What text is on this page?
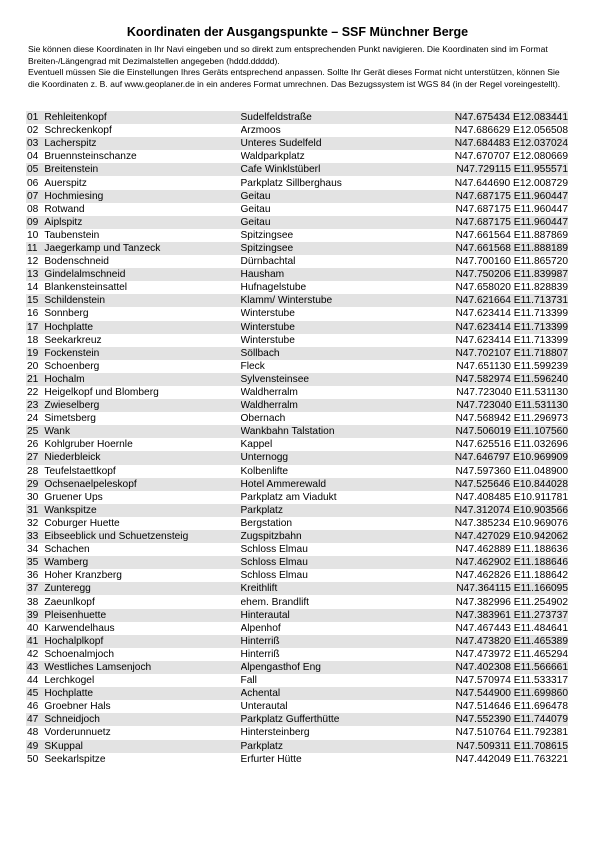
Koordinaten der Ausgangspunkte – SSF Münchner Berge

Sie können diese Koordinaten in Ihr Navi eingeben und so direkt zum entsprechenden Punkt navigieren. Die Koordinaten sind im Format Breiten-/Längengrad mit Dezimalstellen angegeben (hddd.ddddd).

Eventuell müssen Sie die Einstellungen Ihres Geräts entsprechend anpassen. Sollte Ihr Gerät dieses Format nicht unterstützen, können Sie die Koordinaten z. B. auf www.geoplaner.de in ein anderes Format umrechnen. Das Bezugssystem ist WGS 84 (in der Regel voreingestellt).

01 Rehleitenkopf	Sudelfeldstraße	N47.675434 E12.083441
02 Schreckenkopf	Arzmoos	N47.686629 E12.056508
03 Lacherspitz	Unteres Sudelfeld	N47.684483 E12.037024
04 Bruennsteinschanze	Waldparkplatz	N47.670707 E12.080669
05 Breitenstein	Cafe Winklstüberl	N47.729115 E11.955571
06 Auerspitz	Parkplatz Sillberghaus	N47.644690 E12.008729
07 Hochmiesing	Geitau	N47.687175 E11.960447
08 Rotwand	Geitau	N47.687175 E11.960447
09 Aiplspitz	Geitau	N47.687175 E11.960447
10 Taubenstein	Spitzingsee	N47.661564 E11.887869
11 Jaegerkamp und Tanzeck	Spitzingsee	N47.661568 E11.888189
12 Bodenschneid	Dürnbachtal	N47.700160 E11.865720
13 Gindelalmschneid	Hausham	N47.750206 E11.839987
14 Blankensteinsattel	Hufnagelstube	N47.658020 E11.828839
15 Schildenstein	Klamm/ Winterstube	N47.621664 E11.713731
16 Sonnberg	Winterstube	N47.623414 E11.713399
17 Hochplatte	Winterstube	N47.623414 E11.713399
18 Seekarkreuz	Winterstube	N47.623414 E11.713399
19 Fockenstein	Söllbach	N47.702107 E11.718807
20 Schoenberg	Fleck	N47.651130 E11.599239
21 Hochalm	Sylvensteinsee	N47.582974 E11.596240
22 Heigelkopf und Blomberg	Waldherralm	N47.723040 E11.531130
23 Zwieselberg	Waldherralm	N47.723040 E11.531130
24 Simetsberg	Obernach	N47.568942 E11.296973
25 Wank	Wankbahn Talstation	N47.506019 E11.107560
26 Kohlgruber Hoernle	Kappel	N47.625516 E11.032696
27 Niederbleick	Unternogg	N47.646797 E10.969909
28 Teufelstaettkopf	Kolbenlifte	N47.597360 E11.048900
29 Ochsenaelpeleskopf	Hotel Ammerewald	N47.525646 E10.844028
30 Gruener Ups	Parkplatz am Viadukt	N47.408485 E10.911781
31 Wankspitze	Parkplatz	N47.312074 E10.903566
32 Coburger Huette	Bergstation	N47.385234 E10.969076
33 Eibseeblick und Schuetzensteig	Zugspitzbahn	N47.427029 E10.942062
34 Schachen	Schloss Elmau	N47.462889 E11.188636
35 Wamberg	Schloss Elmau	N47.462902 E11.188646
36 Hoher Kranzberg	Schloss Elmau	N47.462826 E11.188642
37 Zunteregg	Kreithlift	N47.364115 E11.166095
38 Zaeunlkopf	ehem. Brandlift	N47.382996 E11.254902
39 Pleisenhuette	Hinterautal	N47.383961 E11.273737
40 Karwendelhaus	Alpenhof	N47.467443 E11.484641
41 Hochalplkopf	Hinterriß	N47.473820 E11.465389
42 Schoenalmjoch	Hinterriß	N47.473972 E11.465294
43 Westliches Lamsenjoch	Alpengasthof Eng	N47.402308 E11.566661
44 Lerchkogel	Fall	N47.570974 E11.533317
45 Hochplatte	Achental	N47.544900 E11.699860
46 Groebner Hals	Unterautal	N47.514646 E11.696478
47 Schneidjoch	Parkplatz Gufferthütte	N47.552390 E11.744079
48 Vorderunnuetz	Hintersteinberg	N47.510764 E11.792381
49 SKuppal	Parkplatz	N47.509311 E11.708615
50 Seekarlspitze	Erfurter Hütte	N47.442049 E11.763221
